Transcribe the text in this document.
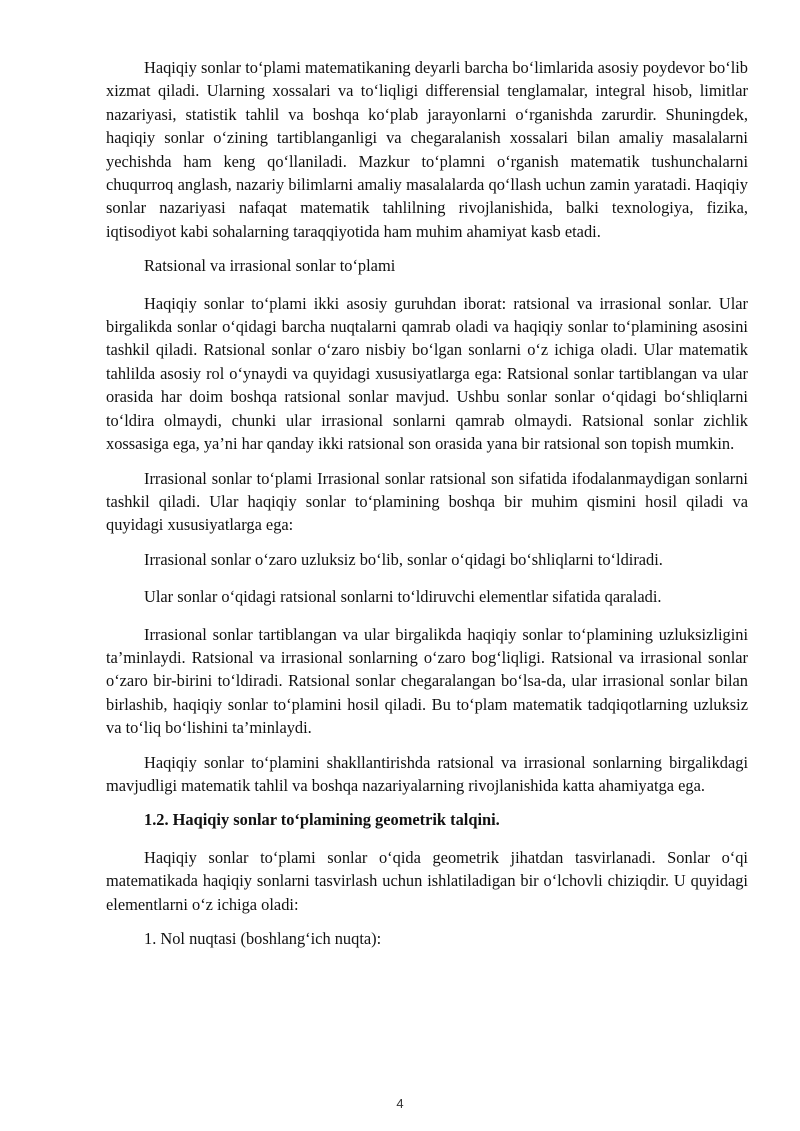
Haqiqiy sonlar to‘plami matematikaning deyarli barcha bo‘limlarida asosiy poydevor bo‘lib xizmat qiladi. Ularning xossalari va to‘liqligi differensial tenglamalar, integral hisob, limitlar nazariyasi, statistik tahlil va boshqa ko‘plab jarayonlarni o‘rganishda zarurdir. Shuningdek, haqiqiy sonlar o‘zining tartiblanganligi va chegaralanish xossalari bilan amaliy masalalarni yechishda ham keng qo‘llaniladi. Mazkur to‘plamni o‘rganish matematik tushunchalarni chuqurroq anglash, nazariy bilimlarni amaliy masalalarda qo‘llash uchun zamin yaratadi. Haqiqiy sonlar nazariyasi nafaqat matematik tahlilning rivojlanishida, balki texnologiya, fizika, iqtisodiyot kabi sohalarning taraqqiyotida ham muhim ahamiyat kasb etadi.

Ratsional va irrasional sonlar to‘plami

Haqiqiy sonlar to‘plami ikki asosiy guruhdan iborat: ratsional va irrasional sonlar. Ular birgalikda sonlar o‘qidagi barcha nuqtalarni qamrab oladi va haqiqiy sonlar to‘plamining asosini tashkil qiladi. Ratsional sonlar o‘zaro nisbiy bo‘lgan sonlarni o‘z ichiga oladi. Ular matematik tahlilda asosiy rol o‘ynaydi va quyidagi xususiyatlarga ega: Ratsional sonlar tartiblangan va ular orasida har doim boshqa ratsional sonlar mavjud. Ushbu sonlar sonlar o‘qidagi bo‘shliqlarni to‘ldira olmaydi, chunki ular irrasional sonlarni qamrab olmaydi. Ratsional sonlar zichlik xossasiga ega, ya’ni har qanday ikki ratsional son orasida yana bir ratsional son topish mumkin.

Irrasional sonlar to‘plami Irrasional sonlar ratsional son sifatida ifodalanmaydigan sonlarni tashkil qiladi. Ular haqiqiy sonlar to‘plamining boshqa bir muhim qismini hosil qiladi va quyidagi xususiyatlarga ega:

Irrasional sonlar o‘zaro uzluksiz bo‘lib, sonlar o‘qidagi bo‘shliqlarni to‘ldiradi.

Ular sonlar o‘qidagi ratsional sonlarni to‘ldiruvchi elementlar sifatida qaraladi.

Irrasional sonlar tartiblangan va ular birgalikda haqiqiy sonlar to‘plamining uzluksizligini ta’minlaydi. Ratsional va irrasional sonlarning o‘zaro bog‘liqligi. Ratsional va irrasional sonlar o‘zaro bir-birini to‘ldiradi. Ratsional sonlar chegaralangan bo‘lsa-da, ular irrasional sonlar bilan birlashib, haqiqiy sonlar to‘plamini hosil qiladi. Bu to‘plam matematik tadqiqotlarning uzluksiz va to‘liq bo‘lishini ta’minlaydi.

Haqiqiy sonlar to‘plamini shakllantirishda ratsional va irrasional sonlarning birgalikdagi mavjudligi matematik tahlil va boshqa nazariyalarning rivojlanishida katta ahamiyatga ega.

1.2. Haqiqiy sonlar to‘plamining geometrik talqini.

Haqiqiy sonlar to‘plami sonlar o‘qida geometrik jihatdan tasvirlanadi. Sonlar o‘qi matematikada haqiqiy sonlarni tasvirlash uchun ishlatiladigan bir o‘lchovli chiziqdir. U quyidagi elementlarni o‘z ichiga oladi:

1. Nol nuqtasi (boshlang‘ich nuqta):

4
